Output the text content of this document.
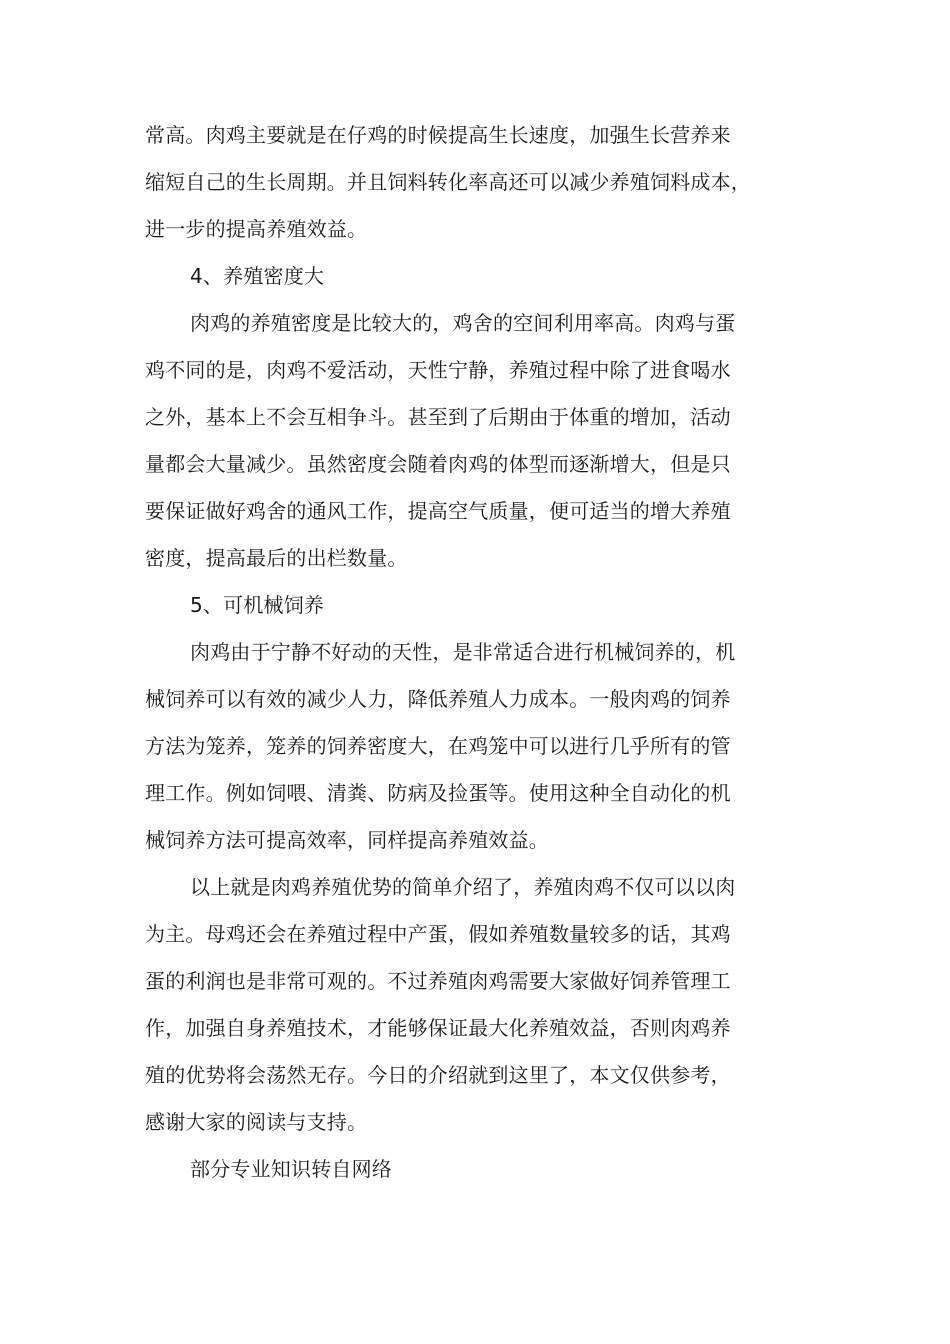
常高。肉鸡主要就是在仔鸡的时候提高生长速度，加强生长营养来
缩短自己的生长周期。并且饲料转化率高还可以减少养殖饲料成本，
进一步的提高养殖效益。
4、养殖密度大
肉鸡的养殖密度是比较大的，鸡舍的空间利用率高。肉鸡与蛋
鸡不同的是，肉鸡不爱活动，天性宁静，养殖过程中除了进食喝水
之外，基本上不会互相争斗。甚至到了后期由于体重的增加，活动
量都会大量减少。虽然密度会随着肉鸡的体型而逐渐增大，但是只
要保证做好鸡舍的通风工作，提高空气质量，便可适当的增大养殖
密度，提高最后的出栏数量。
5、可机械饲养
肉鸡由于宁静不好动的天性，是非常适合进行机械饲养的，机
械饲养可以有效的减少人力，降低养殖人力成本。一般肉鸡的饲养
方法为笼养，笼养的饲养密度大，在鸡笼中可以进行几乎所有的管
理工作。例如饲喂、清粪、防病及捡蛋等。使用这种全自动化的机
械饲养方法可提高效率，同样提高养殖效益。
以上就是肉鸡养殖优势的简单介绍了，养殖肉鸡不仅可以以肉
为主。母鸡还会在养殖过程中产蛋，假如养殖数量较多的话，其鸡
蛋的利润也是非常可观的。不过养殖肉鸡需要大家做好饲养管理工
作，加强自身养殖技术，才能够保证最大化养殖效益，否则肉鸡养
殖的优势将会荡然无存。今日的介绍就到这里了，本文仅供参考，
感谢大家的阅读与支持。
部分专业知识转自网络
